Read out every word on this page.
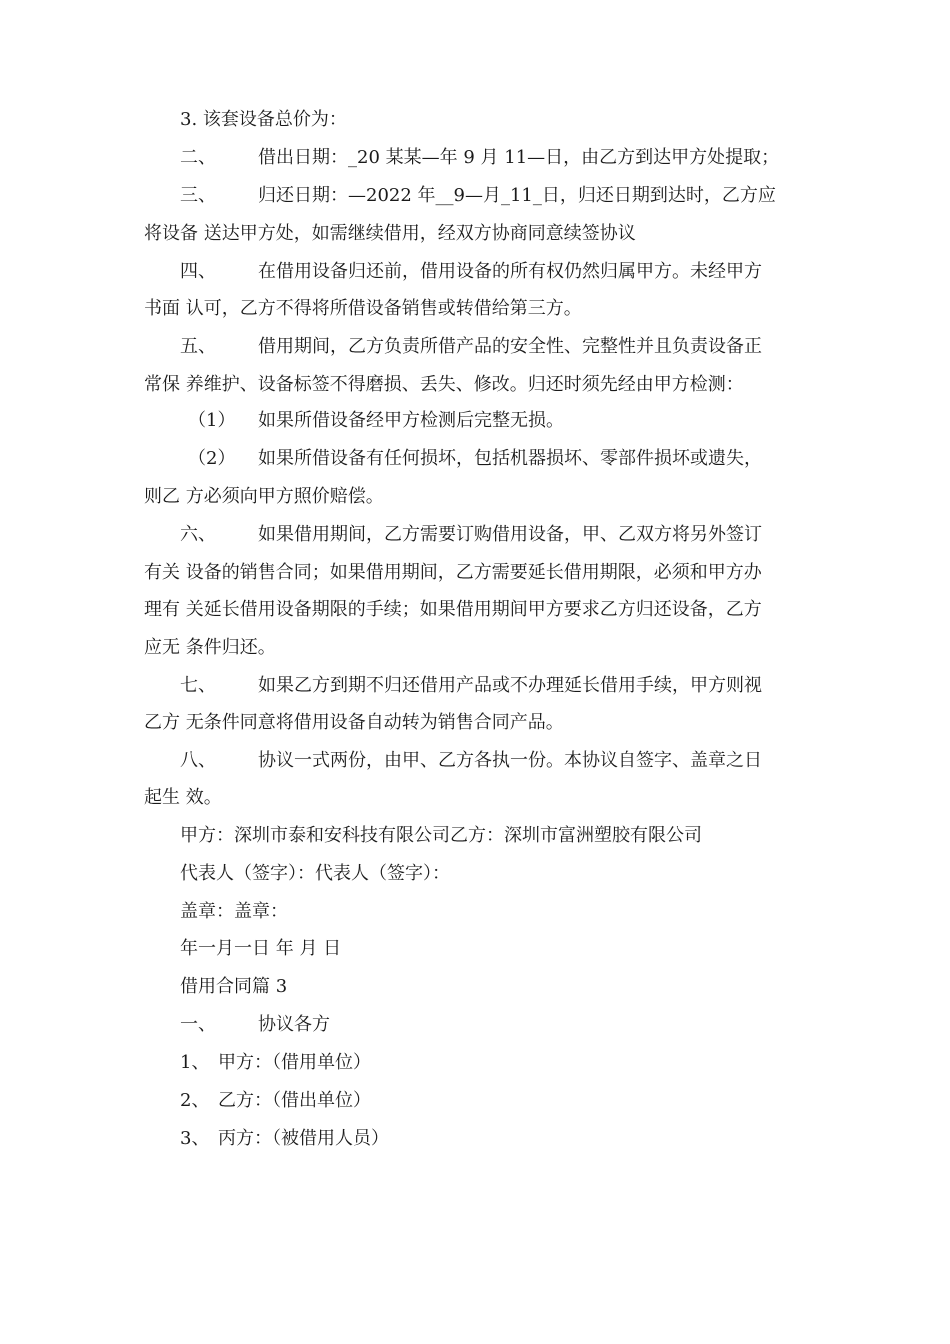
3. 该套设备总价为：
二、 借出日期：_20 某某—年 9 月 11—日，由乙方到达甲方处提取；
三、 归还日期：—2022 年__9—月_11_日，归还日期到达时，乙方应
将设备 送达甲方处，如需继续借用，经双方协商同意续签协议
四、 在借用设备归还前，借用设备的所有权仍然归属甲方。未经甲方
书面 认可，乙方不得将所借设备销售或转借给第三方。
五、 借用期间，乙方负责所借产品的安全性、完整性并且负责设备正
常保 养维护、设备标签不得磨损、丢失、修改。归还时须先经由甲方检测：
（1） 如果所借设备经甲方检测后完整无损。
（2） 如果所借设备有任何损坏，包括机器损坏、零部件损坏或遗失，
则乙 方必须向甲方照价赔偿。
六、 如果借用期间，乙方需要订购借用设备，甲、乙双方将另外签订
有关 设备的销售合同；如果借用期间，乙方需要延长借用期限，必须和甲方办
理有 关延长借用设备期限的手续；如果借用期间甲方要求乙方归还设备，乙方
应无 条件归还。
七、 如果乙方到期不归还借用产品或不办理延长借用手续，甲方则视
乙方 无条件同意将借用设备自动转为销售合同产品。
八、 协议一式两份，由甲、乙方各执一份。本协议自签字、盖章之日
起生 效。
甲方：深圳市泰和安科技有限公司乙方：深圳市富洲塑胶有限公司
代表人（签字）：代表人（签字）：
盖章：盖章：
年一月一日 年 月 日
借用合同篇 3
一、 协议各方
1、 甲方：（借用单位）
2、 乙方：（借出单位）
3、 丙方：（被借用人员）
